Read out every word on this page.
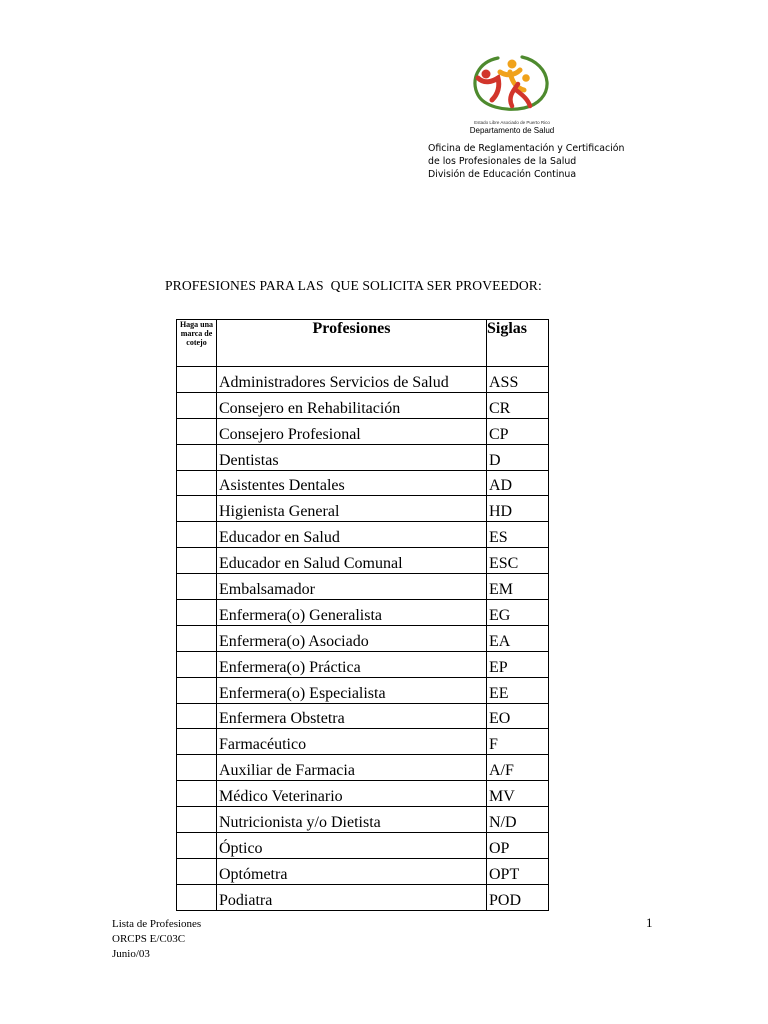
Estado Libre Asociado de Puerto Rico
Departamento de Salud
Oficina de Reglamentación y Certificación
de los Profesionales de la Salud
División de Educación Continua
PROFESIONES PARA LAS  QUE SOLICITA SER PROVEEDOR:
Haga una marca de cotejo	Profesiones	Siglas
	Administradores Servicios de Salud	ASS
	Consejero en Rehabilitación	CR
	Consejero Profesional	CP
	Dentistas	D
	Asistentes Dentales	AD
	Higienista General	HD
	Educador en Salud	ES
	Educador en Salud Comunal	ESC
	Embalsamador	EM
	Enfermera(o) Generalista	EG
	Enfermera(o) Asociado	EA
	Enfermera(o) Práctica	EP
	Enfermera(o) Especialista	EE
	Enfermera Obstetra	EO
	Farmacéutico	F
	Auxiliar de Farmacia	A/F
	Médico Veterinario	MV
	Nutricionista y/o Dietista	N/D
	Óptico	OP
	Optómetra	OPT
	Podiatra	POD
Lista de Profesiones
ORCPS E/C03C
Junio/03
1
